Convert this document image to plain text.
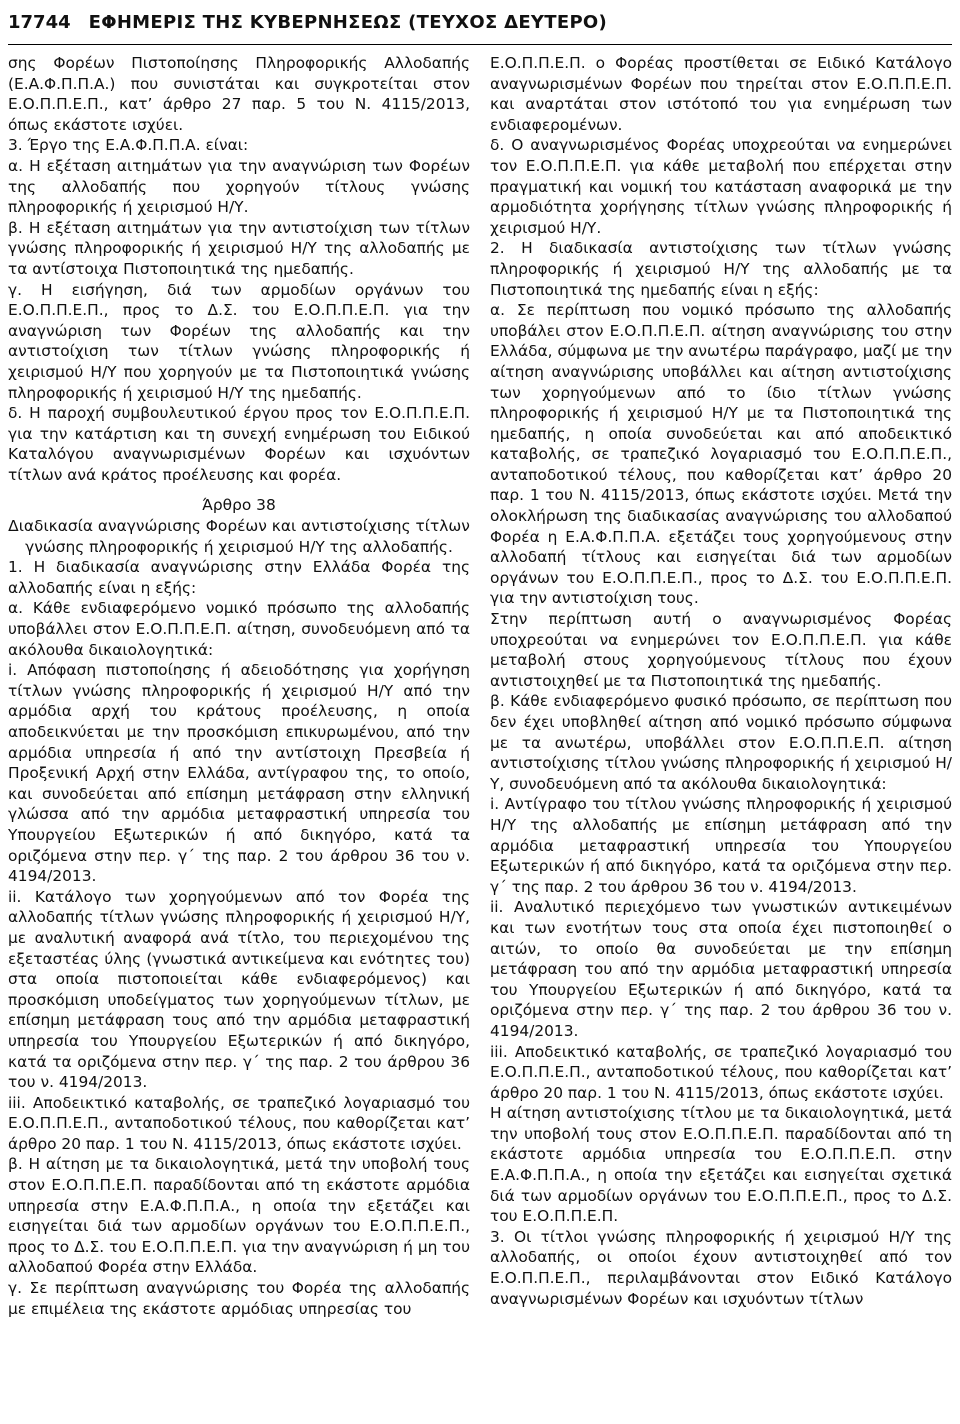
17744 ΕΦΗΜΕΡΙΣ ΤΗΣ ΚΥΒΕΡΝΗΣΕΩΣ (ΤΕΥΧΟΣ ΔΕΥΤΕΡΟ)

σης Φορέων Πιστοποίησης Πληροφορικής Αλλοδαπής (Ε.Α.Φ.Π.Π.Α.) που συνιστάται και συγκροτείται στον Ε.Ο.Π.Π.Ε.Π., κατ’ άρθρο 27 παρ. 5 του Ν. 4115/2013, όπως εκάστοτε ισχύει.

3. Έργο της Ε.Α.Φ.Π.Π.Α. είναι:

α. Η εξέταση αιτημάτων για την αναγνώριση των Φορέων της αλλοδαπής που χορηγούν τίτλους γνώσης πληροφορικής ή χειρισμού Η/Υ.

β. Η εξέταση αιτημάτων για την αντιστοίχιση των τίτλων γνώσης πληροφορικής ή χειρισμού Η/Υ της αλλοδαπής με τα αντίστοιχα Πιστοποιητικά της ημεδαπής.

γ. Η εισήγηση, διά των αρμοδίων οργάνων του Ε.Ο.Π.Π.Ε.Π., προς το Δ.Σ. του Ε.Ο.Π.Π.Ε.Π. για την αναγνώριση των Φορέων της αλλοδαπής και την αντιστοίχιση των τίτλων γνώσης πληροφορικής ή χειρισμού Η/Υ που χορηγούν με τα Πιστοποιητικά γνώσης πληροφορικής ή χειρισμού Η/Υ της ημεδαπής.

δ. Η παροχή συμβουλευτικού έργου προς τον Ε.Ο.Π.Π.Ε.Π. για την κατάρτιση και τη συνεχή ενημέρωση του Ειδικού Καταλόγου αναγνωρισμένων Φορέων και ισχυόντων τίτλων ανά κράτος προέλευσης και φορέα.

Άρθρο 38

Διαδικασία αναγνώρισης Φορέων και αντιστοίχισης τίτλων γνώσης πληροφορικής ή χειρισμού Η/Υ της αλλοδαπής.

1. Η διαδικασία αναγνώρισης στην Ελλάδα Φορέα της αλλοδαπής είναι η εξής:

α. Κάθε ενδιαφερόμενο νομικό πρόσωπο της αλλοδαπής υποβάλλει στον Ε.Ο.Π.Π.Ε.Π. αίτηση, συνοδευόμενη από τα ακόλουθα δικαιολογητικά:

i. Απόφαση πιστοποίησης ή αδειοδότησης για χορήγηση τίτλων γνώσης πληροφορικής ή χειρισμού Η/Υ από την αρμόδια αρχή του κράτους προέλευσης, η οποία αποδεικνύεται με την προσκόμιση επικυρωμένου, από την αρμόδια υπηρεσία ή από την αντίστοιχη Πρεσβεία ή Προξενική Αρχή στην Ελλάδα, αντίγραφου της, το οποίο, και συνοδεύεται από επίσημη μετάφραση στην ελληνική γλώσσα από την αρμόδια μεταφραστική υπηρεσία του Υπουργείου Εξωτερικών ή από δικηγόρο, κατά τα οριζόμενα στην περ. γ΄ της παρ. 2 του άρθρου 36 του ν. 4194/2013.

ii. Κατάλογο των χορηγούμενων από τον Φορέα της αλλοδαπής τίτλων γνώσης πληροφορικής ή χειρισμού Η/Υ, με αναλυτική αναφορά ανά τίτλο, του περιεχομένου της εξεταστέας ύλης (γνωστικά αντικείμενα και ενότητες του) στα οποία πιστοποιείται κάθε ενδιαφερόμενος) και προσκόμιση υποδείγματος των χορηγούμενων τίτλων, με επίσημη μετάφραση τους από την αρμόδια μεταφραστική υπηρεσία του Υπουργείου Εξωτερικών ή από δικηγόρο, κατά τα οριζόμενα στην περ. γ΄ της παρ. 2 του άρθρου 36 του ν. 4194/2013.

iii. Αποδεικτικό καταβολής, σε τραπεζικό λογαριασμό του Ε.Ο.Π.Π.Ε.Π., ανταποδοτικού τέλους, που καθορίζεται κατ’ άρθρο 20 παρ. 1 του Ν. 4115/2013, όπως εκάστοτε ισχύει.

β. Η αίτηση με τα δικαιολογητικά, μετά την υποβολή τους στον Ε.Ο.Π.Π.Ε.Π. παραδίδονται από τη εκάστοτε αρμόδια υπηρεσία στην Ε.Α.Φ.Π.Π.Α., η οποία την εξετάζει και εισηγείται διά των αρμοδίων οργάνων του Ε.Ο.Π.Π.Ε.Π., προς το Δ.Σ. του Ε.Ο.Π.Π.Ε.Π. για την αναγνώριση ή μη του αλλοδαπού Φορέα στην Ελλάδα.

γ. Σε περίπτωση αναγνώρισης του Φορέα της αλλοδαπής με επιμέλεια της εκάστοτε αρμόδιας υπηρεσίας του

Ε.Ο.Π.Π.Ε.Π. ο Φορέας προστίθεται σε Ειδικό Κατάλογο αναγνωρισμένων Φορέων που τηρείται στον Ε.Ο.Π.Π.Ε.Π. και αναρτάται στον ιστότοπό του για ενημέρωση των ενδιαφερομένων.

δ. Ο αναγνωρισμένος Φορέας υποχρεούται να ενημερώνει τον Ε.Ο.Π.Π.Ε.Π. για κάθε μεταβολή που επέρχεται στην πραγματική και νομική του κατάσταση αναφορικά με την αρμοδιότητα χορήγησης τίτλων γνώσης πληροφορικής ή χειρισμού Η/Υ.

2. Η διαδικασία αντιστοίχισης των τίτλων γνώσης πληροφορικής ή χειρισμού Η/Υ της αλλοδαπής με τα Πιστοποιητικά της ημεδαπής είναι η εξής:

α. Σε περίπτωση που νομικό πρόσωπο της αλλοδαπής υποβάλει στον Ε.Ο.Π.Π.Ε.Π. αίτηση αναγνώρισης του στην Ελλάδα, σύμφωνα με την ανωτέρω παράγραφο, μαζί με την αίτηση αναγνώρισης υποβάλλει και αίτηση αντιστοίχισης των χορηγούμενων από το ίδιο τίτλων γνώσης πληροφορικής ή χειρισμού Η/Υ με τα Πιστοποιητικά της ημεδαπής, η οποία συνοδεύεται και από αποδεικτικό καταβολής, σε τραπεζικό λογαριασμό του Ε.Ο.Π.Π.Ε.Π., ανταποδοτικού τέλους, που καθορίζεται κατ’ άρθρο 20 παρ. 1 του Ν. 4115/2013, όπως εκάστοτε ισχύει. Μετά την ολοκλήρωση της διαδικασίας αναγνώρισης του αλλοδαπού Φορέα η Ε.Α.Φ.Π.Π.Α. εξετάζει τους χορηγούμενους στην αλλοδαπή τίτλους και εισηγείται διά των αρμοδίων οργάνων του Ε.Ο.Π.Π.Ε.Π., προς το Δ.Σ. του Ε.Ο.Π.Π.Ε.Π. για την αντιστοίχιση τους.

Στην περίπτωση αυτή ο αναγνωρισμένος Φορέας υποχρεούται να ενημερώνει τον Ε.Ο.Π.Π.Ε.Π. για κάθε μεταβολή στους χορηγούμενους τίτλους που έχουν αντιστοιχηθεί με τα Πιστοποιητικά της ημεδαπής.

β. Κάθε ενδιαφερόμενο φυσικό πρόσωπο, σε περίπτωση που δεν έχει υποβληθεί αίτηση από νομικό πρόσωπο σύμφωνα με τα ανωτέρω, υποβάλλει στον Ε.Ο.Π.Π.Ε.Π. αίτηση αντιστοίχισης τίτλου γνώσης πληροφορικής ή χειρισμού Η/Υ, συνοδευόμενη από τα ακόλουθα δικαιολογητικά:

i. Αντίγραφο του τίτλου γνώσης πληροφορικής ή χειρισμού Η/Υ της αλλοδαπής με επίσημη μετάφραση από την αρμόδια μεταφραστική υπηρεσία του Υπουργείου Εξωτερικών ή από δικηγόρο, κατά τα οριζόμενα στην περ. γ΄ της παρ. 2 του άρθρου 36 του ν. 4194/2013.

ii. Αναλυτικό περιεχόμενο των γνωστικών αντικειμένων και των ενοτήτων τους στα οποία έχει πιστοποιηθεί ο αιτών, το οποίο θα συνοδεύεται με την επίσημη μετάφραση του από την αρμόδια μεταφραστική υπηρεσία του Υπουργείου Εξωτερικών ή από δικηγόρο, κατά τα οριζόμενα στην περ. γ΄ της παρ. 2 του άρθρου 36 του ν. 4194/2013.

iii. Αποδεικτικό καταβολής, σε τραπεζικό λογαριασμό του Ε.Ο.Π.Π.Ε.Π., ανταποδοτικού τέλους, που καθορίζεται κατ’ άρθρο 20 παρ. 1 του Ν. 4115/2013, όπως εκάστοτε ισχύει.

Η αίτηση αντιστοίχισης τίτλου με τα δικαιολογητικά, μετά την υποβολή τους στον Ε.Ο.Π.Π.Ε.Π. παραδίδονται από τη εκάστοτε αρμόδια υπηρεσία του Ε.Ο.Π.Π.Ε.Π. στην Ε.Α.Φ.Π.Π.Α., η οποία την εξετάζει και εισηγείται σχετικά διά των αρμοδίων οργάνων του Ε.Ο.Π.Π.Ε.Π., προς το Δ.Σ. του Ε.Ο.Π.Π.Ε.Π.

3. Οι τίτλοι γνώσης πληροφορικής ή χειρισμού Η/Υ της αλλοδαπής, οι οποίοι έχουν αντιστοιχηθεί από τον Ε.Ο.Π.Π.Ε.Π., περιλαμβάνονται στον Ειδικό Κατάλογο αναγνωρισμένων Φορέων και ισχυόντων τίτλων
